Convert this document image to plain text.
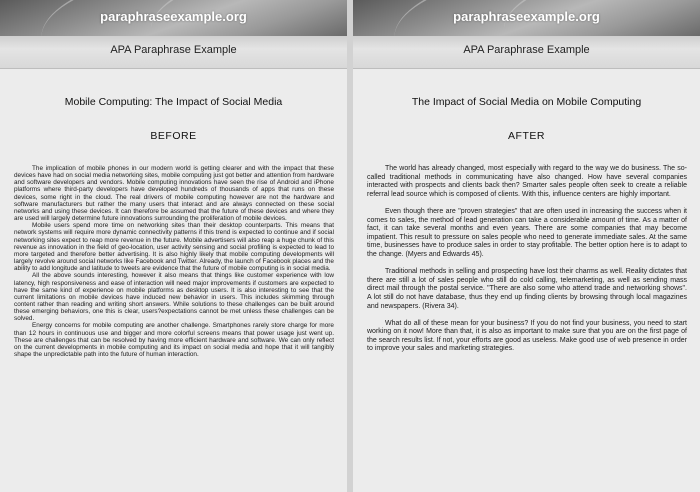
paraphraseexample.org
APA Paraphrase Example
Mobile Computing: The Impact of Social Media
BEFORE

The implication of mobile phones in our modern world is getting clearer and with the impact that these devices have had on social media networking sites, mobile computing just got better and attention from hardware and software developers and vendors. Mobile computing innovations have seen the rise of Android and iPhone platforms where third-party developers have developed hundreds of thousands of apps that runs on these devices, some right in the cloud. The real drivers of mobile computing however are not the hardware and software manufacturers but rather the many users that interact and are always connected on these social networks and using these devices. It can therefore be assumed that the future of these devices and where they are used will largely determine future innovations surrounding the proliferation of mobile devices.

Mobile users spend more time on networking sites than their desktop counterparts. This means that network systems will require more dynamic connectivity patterns if this trend is expected to continue and if social networking sites expect to reap more revenue in the future. Mobile advertisers will also reap a huge chunk of this revenue as innovation in the field of geo-location, user activity sensing and social profiling is expected to lead to more targeted and therefore better advertising. It is also highly likely that mobile computing developments will largely revolve around social networks like Facebook and Twitter. Already, the launch of Facebook places and the ability to add longitude and latitude to tweets are evidence that the future of mobile computing is in social media.

All the above sounds interesting, however it also means that things like customer experience with low latency, high responsiveness and ease of interaction will need major improvements if customers are expected to have the same kind of experience on mobile platforms as desktop users. It is also interesting to see that the current limitations on mobile devices have induced new behavior in users. This includes skimming through content rather than reading and writing short answers. While solutions to these challenges can be built around these emerging behaviors, one this is clear, users?expectations cannot be met unless these challenges can be solved.

Energy concerns for mobile computing are another challenge. Smartphones rarely store charge for more than 12 hours in continuous use and bigger and more colorful screens means that power usage just went up. These are challenges that can be resolved by having more efficient hardware and software. We can only reflect on the current developments in mobile computing and its impact on social media and hope that it will tangibly shape the unpredictable path into the future of human interaction.

paraphraseexample.org
APA Paraphrase Example
The Impact of Social Media on Mobile Computing
AFTER

The world has already changed, most especially with regard to the way we do business. The so-called traditional methods in communicating have also changed. How have several companies interacted with prospects and clients back then? Smarter sales people often seek to create a reliable referral lead source which is composed of clients. With this, influence centers are highly important.

Even though there are "proven strategies" that are often used in increasing the success when it comes to sales, the method of lead generation can take a considerable amount of time. As a matter of fact, it can take several months and even years. There are some companies that may become impatient. This result to pressure on sales people who need to generate immediate sales. At the same time, businesses have to produce sales in order to stay profitable. The better option here is to adapt to the change. (Myers and Edwards 45).

Traditional methods in selling and prospecting have lost their charms as well. Reality dictates that there are still a lot of sales people who still do cold calling, telemarketing, as well as sending mass direct mail through the postal service. "There are also some who attend trade and networking shows". A lot still do not have database, thus they end up finding clients by browsing through local magazines and newspapers. (Rivera 34).

What do all of these mean for your business? If you do not find your business, you need to start working on it now! More than that, it is also as important to make sure that you are on the first page of the search results list. If not, your efforts are good as useless. Make good use of web presence in order to improve your sales and marketing strategies.
